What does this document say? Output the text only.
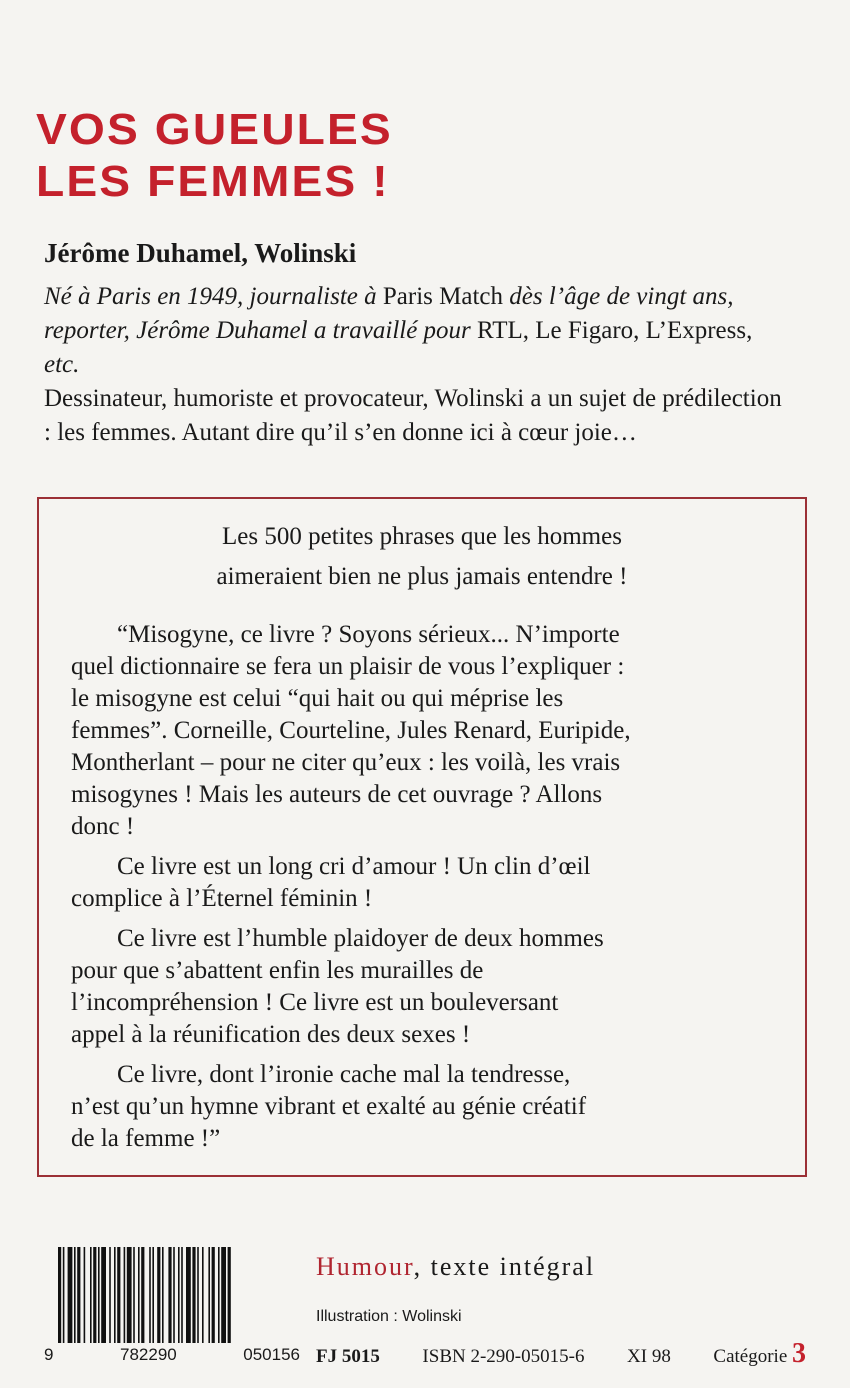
VOS GUEULES
LES FEMMES !

Jérôme Duhamel, Wolinski

Né à Paris en 1949, journaliste à Paris Match dès l’âge de vingt ans, reporter, Jérôme Duhamel a travaillé pour RTL, Le Figaro, L’Express, etc.

Dessinateur, humoriste et provocateur, Wolinski a un sujet de prédilection : les femmes. Autant dire qu’il s’en donne ici à cœur joie…

Les 500 petites phrases que les hommes
aimeraient bien ne plus jamais entendre !

“Misogyne, ce livre ? Soyons sérieux... N’importe
quel dictionnaire se fera un plaisir de vous l’expliquer :
le misogyne est celui “qui hait ou qui méprise les
femmes”. Corneille, Courteline, Jules Renard, Euripide,
Montherlant – pour ne citer qu’eux : les voilà, les vrais
misogynes ! Mais les auteurs de cet ouvrage ? Allons
donc !

Ce livre est un long cri d’amour ! Un clin d’œil
complice à l’Éternel féminin !

Ce livre est l’humble plaidoyer de deux hommes
pour que s’abattent enfin les murailles de
l’incompréhension ! Ce livre est un bouleversant
appel à la réunification des deux sexes !

Ce livre, dont l’ironie cache mal la tendresse,
n’est qu’un hymne vibrant et exalté au génie créatif
de la femme !”

9	782290	050156

Humour, texte intégral

Illustration : Wolinski

FJ 5015 ISBN 2-290-05015-6 XI 98 Catégorie 3
